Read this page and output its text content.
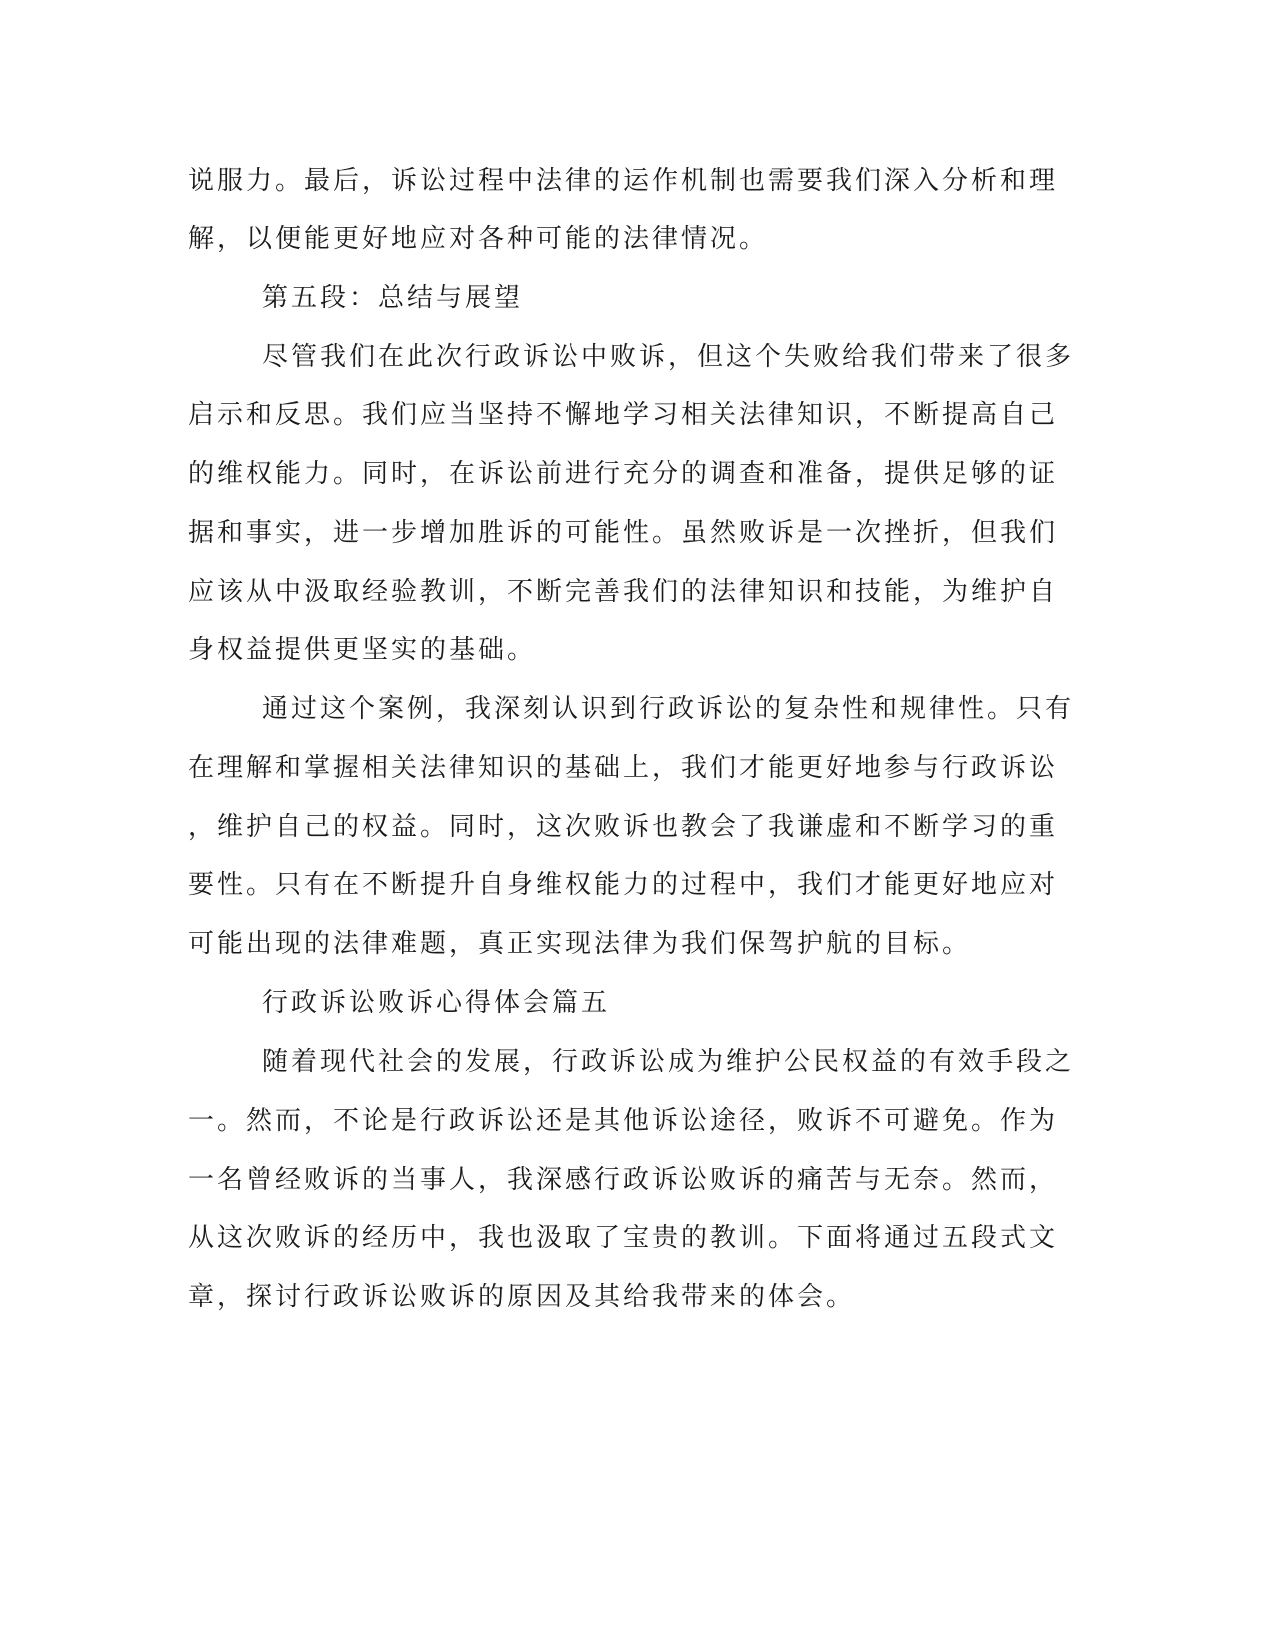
说服力。最后，诉讼过程中法律的运作机制也需要我们深入分析和理

解，以便能更好地应对各种可能的法律情况。

第五段：总结与展望

尽管我们在此次行政诉讼中败诉，但这个失败给我们带来了很多

启示和反思。我们应当坚持不懈地学习相关法律知识，不断提高自己

的维权能力。同时，在诉讼前进行充分的调查和准备，提供足够的证

据和事实，进一步增加胜诉的可能性。虽然败诉是一次挫折，但我们

应该从中汲取经验教训，不断完善我们的法律知识和技能，为维护自

身权益提供更坚实的基础。

通过这个案例，我深刻认识到行政诉讼的复杂性和规律性。只有

在理解和掌握相关法律知识的基础上，我们才能更好地参与行政诉讼

，维护自己的权益。同时，这次败诉也教会了我谦虚和不断学习的重

要性。只有在不断提升自身维权能力的过程中，我们才能更好地应对

可能出现的法律难题，真正实现法律为我们保驾护航的目标。

行政诉讼败诉心得体会篇五

随着现代社会的发展，行政诉讼成为维护公民权益的有效手段之

一。然而，不论是行政诉讼还是其他诉讼途径，败诉不可避免。作为

一名曾经败诉的当事人，我深感行政诉讼败诉的痛苦与无奈。然而，

从这次败诉的经历中，我也汲取了宝贵的教训。下面将通过五段式文

章，探讨行政诉讼败诉的原因及其给我带来的体会。
